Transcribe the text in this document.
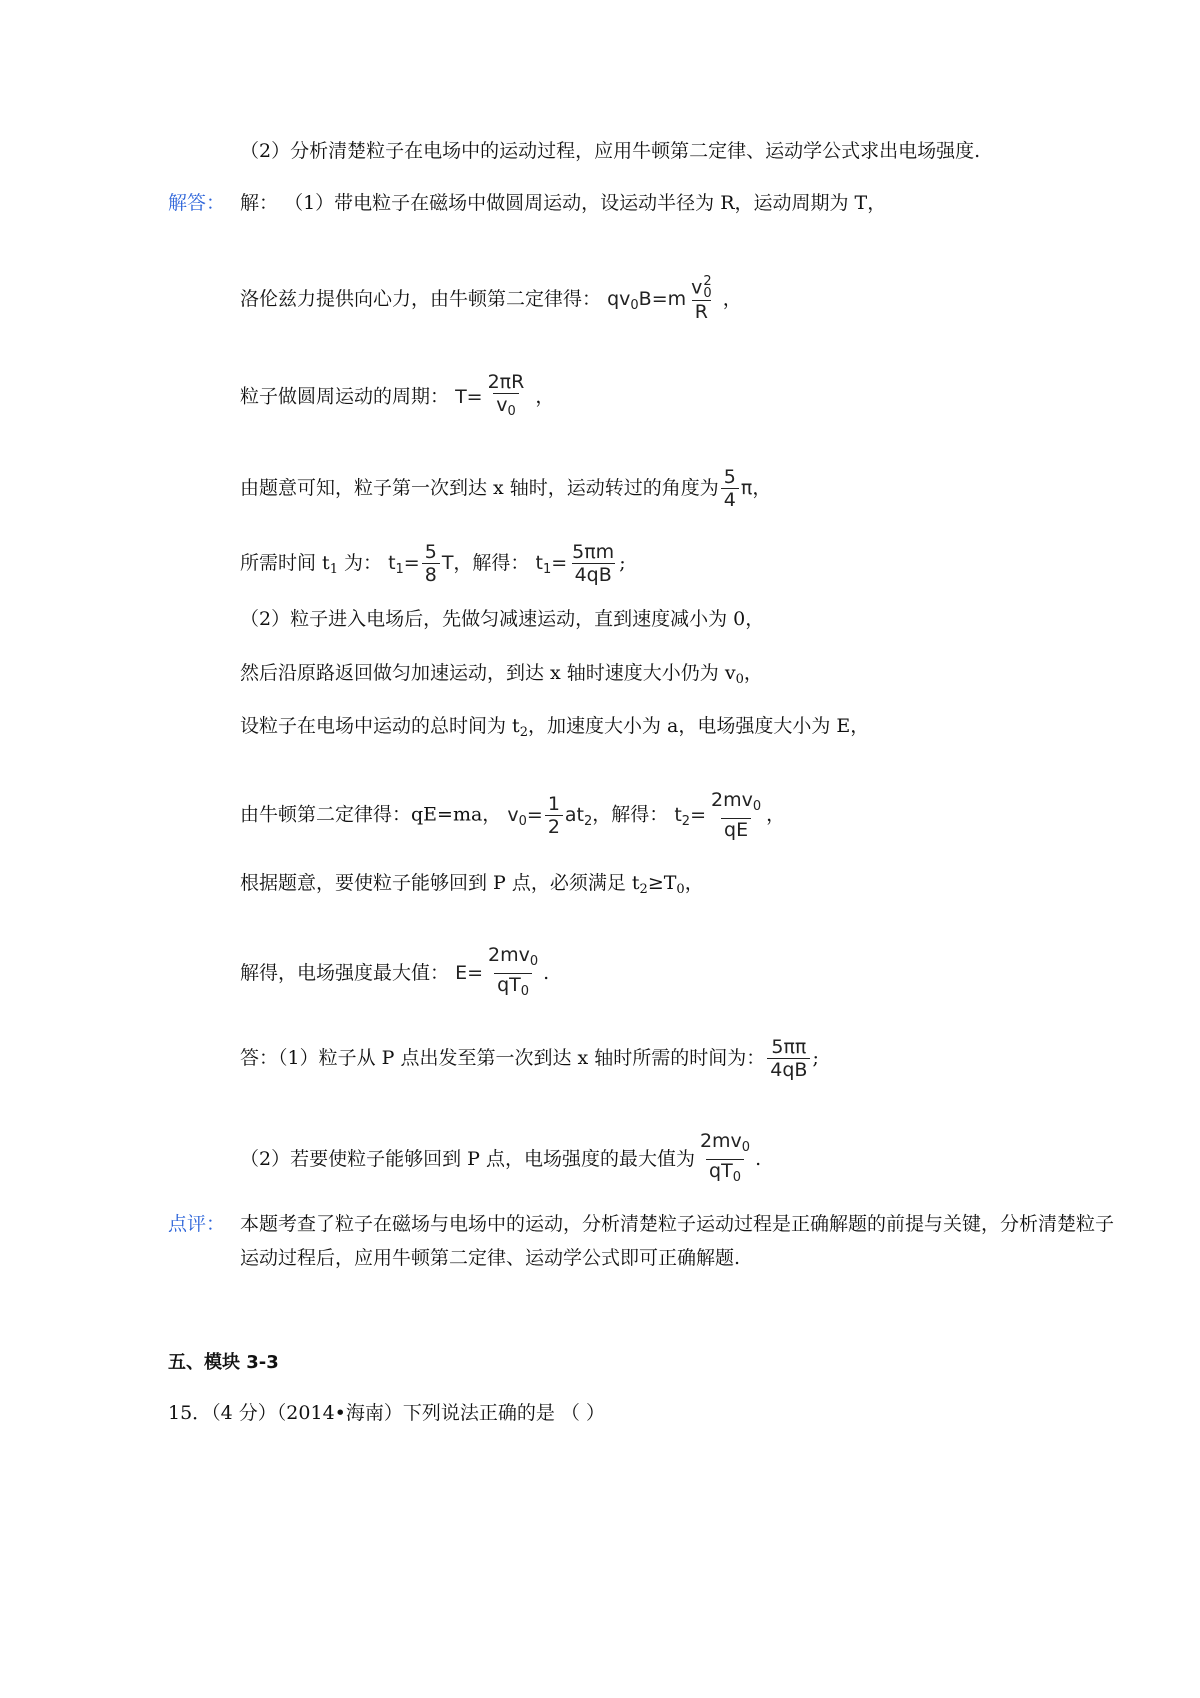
（2）分析清楚粒子在电场中的运动过程，应用牛顿第二定律、运动学公式求出电场强度.
解答： 解： （1）带电粒子在磁场中做圆周运动，设运动半径为 R，运动周期为 T，
洛伦兹力提供向心力，由牛顿第二定律得： $qv_0B=m$ v 2
0
R ，
粒子做圆周运动的周期： $T= \frac{2\pi R}{v_0}$ ，
由题意可知，粒子第一次到达 x 轴时，运动转过的角度为 $\frac{5}{4}$ π，
所需时间 $t_1$ 为： $t_1= \frac{5}{8}$ T，解得： $t_1= \frac{5\pi m}{4qB}$ ;
（2）粒子进入电场后，先做匀减速运动，直到速度减小为 0，
然后沿原路返回做匀加速运动，到达 x 轴时速度大小仍为 $v_0$，
设粒子在电场中运动的总时间为 $t_2$，加速度大小为 a，电场强度大小为 E，
由牛顿第二定律得：qE=ma， $v_0= \frac{1}{2} at_2$，解得： $t_2= \frac{2mv_0}{qE}$ ，
根据题意，要使粒子能够回到 P 点，必须满足 $t_2\ge T_0$，
解得，电场强度最大值： $E= \frac{2mv_0}{qT_0}$ .
答：（1）粒子从 P 点出发至第一次到达 x 轴时所需的时间为： $\frac{5\pi\pi}{4qB}$ ;
（2）若要使粒子能够回到 P 点，电场强度的最大值为 $\frac{2mv_0}{qT_0}$ .
点评： 本题考查了粒子在磁场与电场中的运动，分析清楚粒子运动过程是正确解题的前提与关键，分析清楚粒子
运动过程后，应用牛顿第二定律、运动学公式即可正确解题.
五、模块 3-3
15．（4 分）（2014•海南）下列说法正确的是 （ ）
